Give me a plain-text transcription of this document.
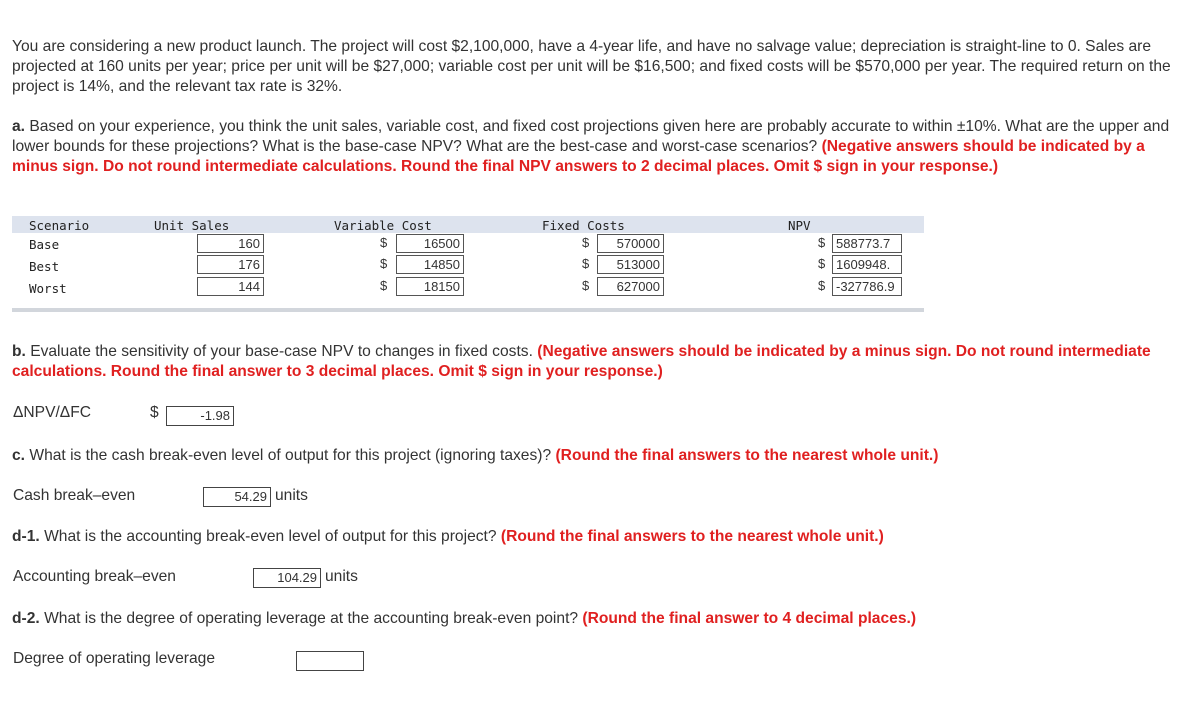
You are considering a new product launch. The project will cost $2,100,000, have a 4-year life, and have no salvage value; depreciation is straight-line to 0. Sales are projected at 160 units per year; price per unit will be $27,000; variable cost per unit will be $16,500; and fixed costs will be $570,000 per year. The required return on the project is 14%, and the relevant tax rate is 32%.

a. Based on your experience, you think the unit sales, variable cost, and fixed cost projections given here are probably accurate to within ±10%. What are the upper and lower bounds for these projections? What is the base-case NPV? What are the best-case and worst-case scenarios? (Negative answers should be indicated by a minus sign. Do not round intermediate calculations. Round the final NPV answers to 2 decimal places. Omit $ sign in your response.)

Scenario	Unit Sales	Variable Cost	Fixed Costs	NPV
Base	160	$	16500	$	570000	$ 588773.7
Best	176	$	14850	$	513000	$ 1609948.
Worst	144	$	18150	$	627000	$ -327786.9

b. Evaluate the sensitivity of your base-case NPV to changes in fixed costs. (Negative answers should be indicated by a minus sign. Do not round intermediate calculations. Round the final answer to 3 decimal places. Omit $ sign in your response.)

ΔNPV/ΔFC	$	-1.98

c. What is the cash break-even level of output for this project (ignoring taxes)? (Round the final answers to the nearest whole unit.)

Cash break–even	54.29 units

d-1. What is the accounting break-even level of output for this project? (Round the final answers to the nearest whole unit.)

Accounting break–even	104.29 units

d-2. What is the degree of operating leverage at the accounting break-even point? (Round the final answer to 4 decimal places.)

Degree of operating leverage
